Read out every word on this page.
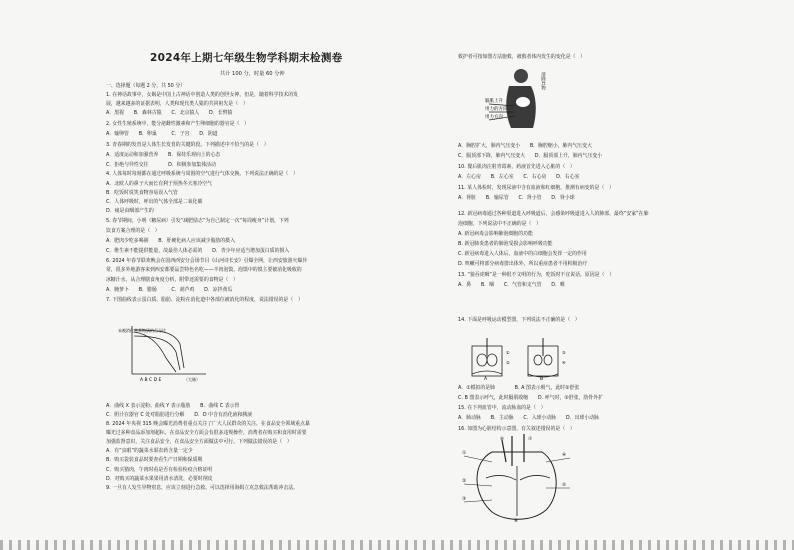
2024年上期七年级生物学科期末检测卷
共计 100 分，时量 60 分钟
一、选择题（每题 2 分，共 50 分）
1. 在神话故事中，女娲是中国上古神话中创造人类的创世女神。但是，随着科学技术的发
展，越来越多的证据表明，人类和现代类人猿的共同祖先是（　）
A．黑猩　　B．森林古猿　　C．北京猿人　　D．长臂猿
2. 女性生殖系统中，能分泌雌性激素和产生卵细胞的器官是（　）
A．输卵管　　B．卵巢　　　C．子宫　　D．阴道
3. 青春期的发育是人体生长发育的关键阶段。下列描述中不恰当的是（　）
A．适度运动和加强营养　　B．保持乐观向上的心态
C．拒绝与异性交往　　　　D．积极参加集体活动
4. 人体每时每刻都在通过呼吸系统与周围的空气进行气体交换。下列说法正确的是（　）
A．北欧人的鼻子大而长有利于预热冬天寒冷空气
B．吃饭时说笑食物容易误入气管
C．人体呼吸时，呼出的气体全部是二氧化碳
D．痰是由咽部产生的
5. 春节期间，小明（糖尿病）引发“减肥励志”为自己制定一次“每周瘦身”计划，下列
饮食方案合理的是（　）
A．肥肉少吃多喝粥　　B．肝硬化病人应该减少脂肪的摄入
C．维生素不能提供能量，故最佳人体必需的　　D．青少年应适当增加蛋白质的摄入
6. 2024 年春节联欢晚会在国西西安分会场节目《山河诗长安》引爆全网，让西安旅游火爆异
常，很多外地游客来到西安都要品尝特色名吃——羊肉泡馍。泡馍中的馍主要被消化吸收的
冰糖汁水，从合理膳食角度分析，附带还需要的食物是（　）
A．腌萝卜　　B．腊肠　　　C．葫芦鸡　　D．凉拌黄瓜
7. 下图曲线表示蛋白质、脂肪、淀粉在消化道中各部位被消化的程度，说法错误的是（　）
A．曲线 X 表示淀粉、曲线 Y 表示脂肪　　B．曲线 C 表示胃
C．胆汁在器官 C 处对脂肪进行分解　　D．D 中含有消化液和胰液
8. 2024 年央视 315 晚会曝光消费者重点关注了广大人民群众的关注，在食品安全领域重点暴
曝光过多种食品添加剂超标，在食品安全方面会有很多违规操作，消费者在购买和食用时需要
加强监督意识，关注食品安全，在食品安全方面做法中可行。下列做法错误的是（　）
A．有“虫眼”的蔬菜水果农药含量一定少
B．购买袋装食品时要查看生产日期和保质期
C．购买猪肉，午肉时看是否有检验检疫合格证明
D．对购买的蔬菜水果果用清水清洗，必要时削皮
9. 一旦有人发生异物窒息，应该立刻进行急救。可以选择用海姆立克急救法帮助冲击法。
救护者可按如图方法施救，被救者体内发生的变化是（　）
A．胸腔扩大，肺内气压变小　　B．胸腔缩小，肺内气压变大
C．膈顶部下降，肺内气压变大　　D．膈顶部上升，肺内气压变小
10. 餐后肌肉注射青霉素，药液首先进入心脏的（　）
A．左心房　　B．左心室　　C．右心房　　D．右心室
11. 某人体检时，发现尿液中含有血液和红细胞，推测有病变的是（　）
A．肾脏　　B．输尿管　　C．肾小管　　D．肾小球
12. 新冠病毒通过各种渠道进入呼吸道后，会感染呼吸道进入人的肺部，最终“安家”在肺
泡细胞。下列说法中不正确的是（　）
A. 新冠病毒会影响肺泡细胞的功能
B. 新冠肺炎患者的肺泡受损会影响呼吸功能
C. 新冠病毒进入人体后，血液中的白细胞会发挥一定的作用
D. 咳嗽可将部分病毒排出体外，所以重症患者不用积极治疗
13. “狼吞虎咽”是一种很不文明的行为，吃饭时不宜说话，原因是（　）
A．鼻　　B．咽　　C．气管和支气管　　D．喉
14. 下面是呼吸运动模型图，下列说法不正确的是（　）
A．①模拟的是肺　　　　B. A 图表示吸气，此时⑤舒张
C. B 图表示呼气，此时膈肌收缩　　D. 呼气时，⑤舒张，肋骨外扩
15. 在下列血管中，流动脉血的是（　）
A．肺动脉　　B．主动脉　　C．入球小动脉　　D．出球小动脉
16. 如图为心脏结构示意图，有关叙述错误的是（　）
未被消化营养物质的百分比
A B C D E	（大肠）
膈肌上升
用力的方向
用力方向
清除异物
A	B
①
②
③
④
①
②
③
④
⑤
⑥	⑦
⑧
